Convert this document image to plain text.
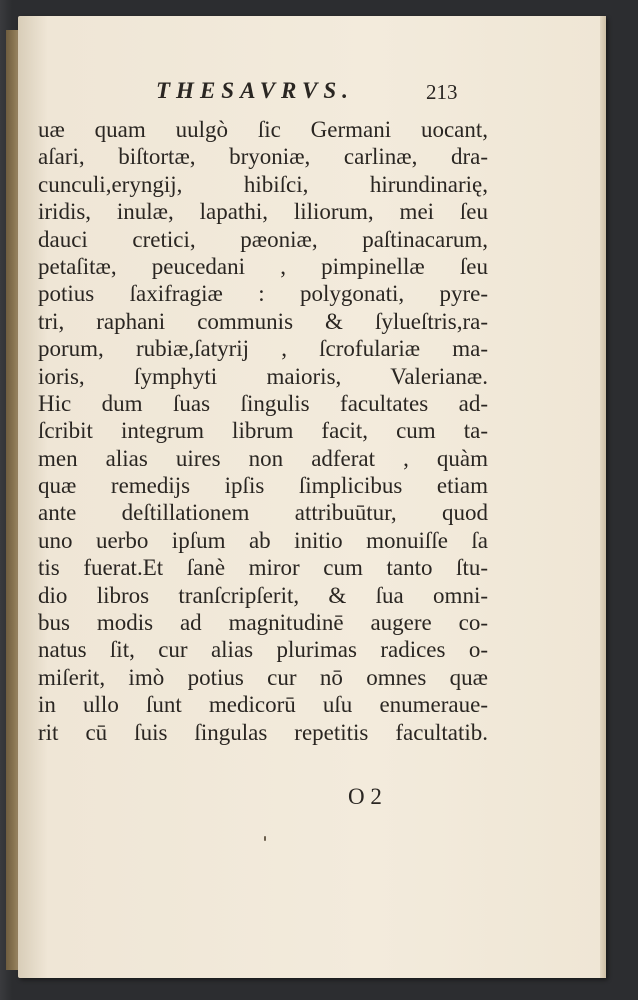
THESAVRVS.	213
uæ quam uulgò ſic Germani uocant,
aſari, biſtortæ, bryoniæ, carlinæ, dra-
cunculi,eryngij, hibiſci, hirundinarię,
iridis, inulæ, lapathi, liliorum, mei ſeu
dauci cretici, pæoniæ, paſtinacarum,
petaſitæ, peucedani , pimpinellæ ſeu
potius ſaxifragiæ : polygonati, pyre-
tri, raphani communis & ſylueſtris,ra-
porum, rubiæ,ſatyrij , ſcrofulariæ ma-
ioris, ſymphyti maioris, Valerianæ.
Hic dum ſuas ſingulis facultates ad-
ſcribit integrum librum facit, cum ta-
men alias uires non adferat , quàm
quæ remedijs ipſis ſimplicibus etiam
ante deſtillationem attribuūtur, quod
uno uerbo ipſum ab initio monuiſſe ſa
tis fuerat.Et ſanè miror cum tanto ſtu-
dio libros tranſcripſerit, & ſua omni-
bus modis ad magnitudinē augere co-
natus ſit, cur alias plurimas radices o-
miſerit, imò potius cur nō omnes quæ
in ullo ſunt medicorū uſu enumeraue-
rit cū ſuis ſingulas repetitis facultatib.
O 2
